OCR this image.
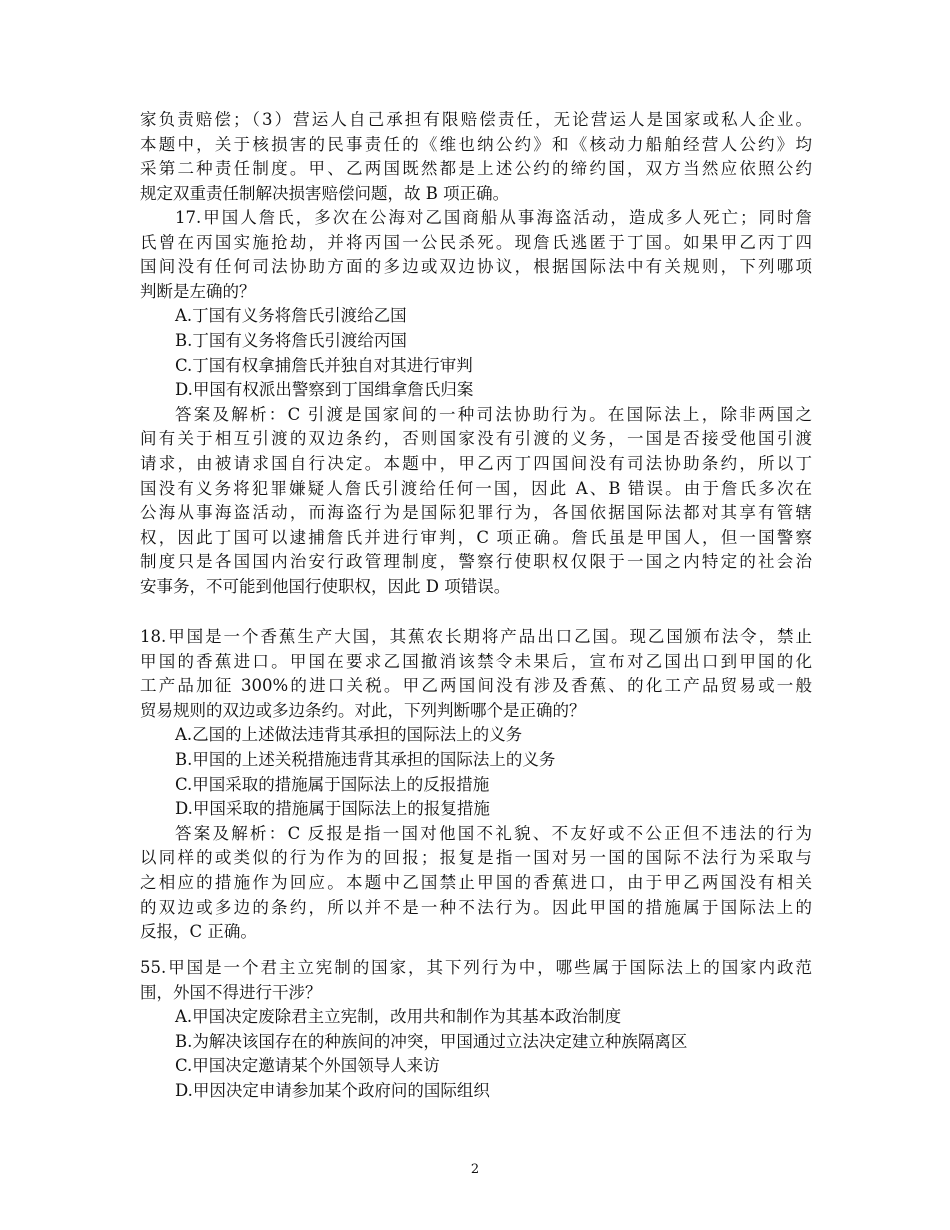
家负责赔偿；（3）营运人自己承担有限赔偿责任，无论营运人是国家或私人企业。
本题中，关于核损害的民事责任的《维也纳公约》和《核动力船舶经营人公约》均
采第二种责任制度。甲、乙两国既然都是上述公约的缔约国，双方当然应依照公约
规定双重责任制解决损害赔偿问题，故 B 项正确。
17.甲国人詹氏，多次在公海对乙国商船从事海盗活动，造成多人死亡；同时詹
氏曾在丙国实施抢劫，并将丙国一公民杀死。现詹氏逃匿于丁国。如果甲乙丙丁四
国间没有任何司法协助方面的多边或双边协议，根据国际法中有关规则，下列哪项
判断是左确的？
A.丁国有义务将詹氏引渡给乙国
B.丁国有义务将詹氏引渡给丙国
C.丁国有权拿捕詹氏并独自对其进行审判
D.甲国有权派出警察到丁国缉拿詹氏归案
答案及解析：C 引渡是国家间的一种司法协助行为。在国际法上，除非两国之
间有关于相互引渡的双边条约，否则国家没有引渡的义务，一国是否接受他国引渡
请求，由被请求国自行决定。本题中，甲乙丙丁四国间没有司法协助条约，所以丁
国没有义务将犯罪嫌疑人詹氏引渡给任何一国，因此 A、B 错误。由于詹氏多次在
公海从事海盗活动，而海盗行为是国际犯罪行为，各国依据国际法都对其享有管辖
权，因此丁国可以逮捕詹氏并进行审判，C 项正确。詹氏虽是甲国人，但一国警察
制度只是各国国内治安行政管理制度，警察行使职权仅限于一国之内特定的社会治
安事务，不可能到他国行使职权，因此 D 项错误。
18.甲国是一个香蕉生产大国，其蕉农长期将产品出口乙国。现乙国颁布法令，禁止
甲国的香蕉进口。甲国在要求乙国撤消该禁令未果后，宣布对乙国出口到甲国的化
工产品加征 300%的进口关税。甲乙两国间没有涉及香蕉、的化工产品贸易或一般
贸易规则的双边或多边条约。对此，下列判断哪个是正确的？
A.乙国的上述做法违背其承担的国际法上的义务
B.甲国的上述关税措施违背其承担的国际法上的义务
C.甲国采取的措施属于国际法上的反报措施
D.甲国采取的措施属于国际法上的报复措施
答案及解析：C 反报是指一国对他国不礼貌、不友好或不公正但不违法的行为
以同样的或类似的行为作为的回报；报复是指一国对另一国的国际不法行为采取与
之相应的措施作为回应。本题中乙国禁止甲国的香蕉进口，由于甲乙两国没有相关
的双边或多边的条约，所以并不是一种不法行为。因此甲国的措施属于国际法上的
反报，C 正确。
55.甲国是一个君主立宪制的国家，其下列行为中，哪些属于国际法上的国家内政范
围，外国不得进行干涉？
A.甲国决定废除君主立宪制，改用共和制作为其基本政治制度
B.为解决该国存在的种族间的冲突，甲国通过立法决定建立种族隔离区
C.甲国决定邀请某个外国领导人来访
D.甲因决定申请参加某个政府问的国际组织
2
